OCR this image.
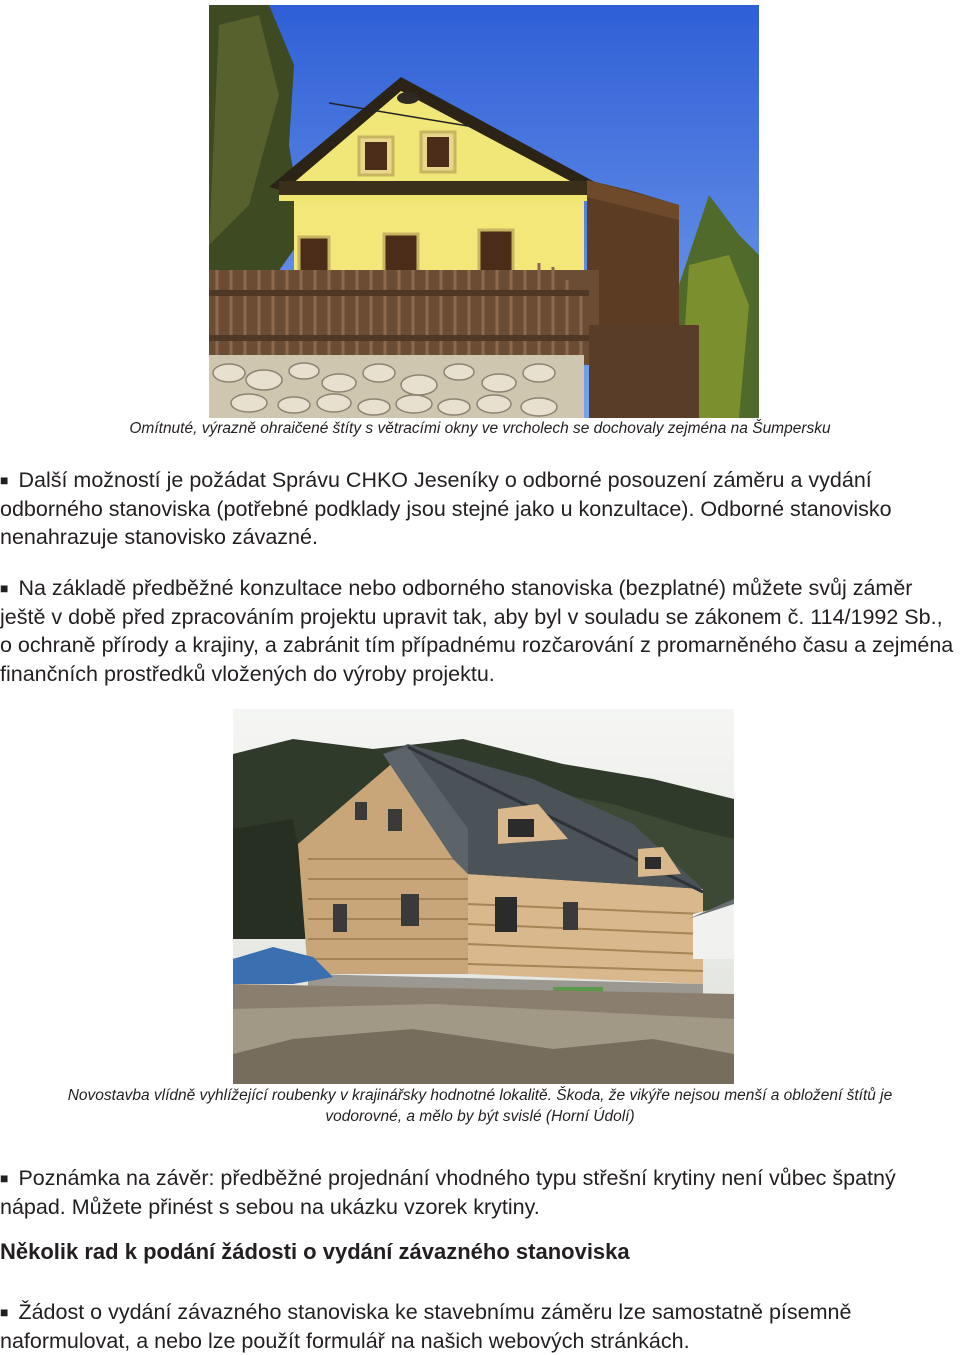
Omítnuté, výrazně ohraičené štíty s větracími okny ve vrcholech se dochovaly zejména na Šumpersku
■ Další možností je požádat Správu CHKO Jeseníky o odborné posouzení záměru a vydání odborného stanoviska (potřebné podklady jsou stejné jako u konzultace). Odborné stanovisko nenahrazuje stanovisko závazné.
■ Na základě předběžné konzultace nebo odborného stanoviska (bezplatné) můžete svůj záměr ještě v době před zpracováním projektu upravit tak, aby byl v souladu se zákonem č. 114/1992 Sb., o ochraně přírody a krajiny, a zabránit tím případnému rozčarování z promarněného času a zejména finančních prostředků vložených do výroby projektu.
Novostavba vlídně vyhlížející roubenky v krajinářsky hodnotné lokalitě. Škoda, že vikýře nejsou menší a obložení štítů je
vodorovné, a mělo by být svislé (Horní Údolí)
■ Poznámka na závěr: předběžné projednání vhodného typu střešní krytiny není vůbec špatný nápad. Můžete přinést s sebou na ukázku vzorek krytiny.
Několik rad k podání žádosti o vydání závazného stanoviska
■ Žádost o vydání závazného stanoviska ke stavebnímu záměru lze samostatně písemně naformulovat, a nebo lze použít formulář na našich webových stránkách.
